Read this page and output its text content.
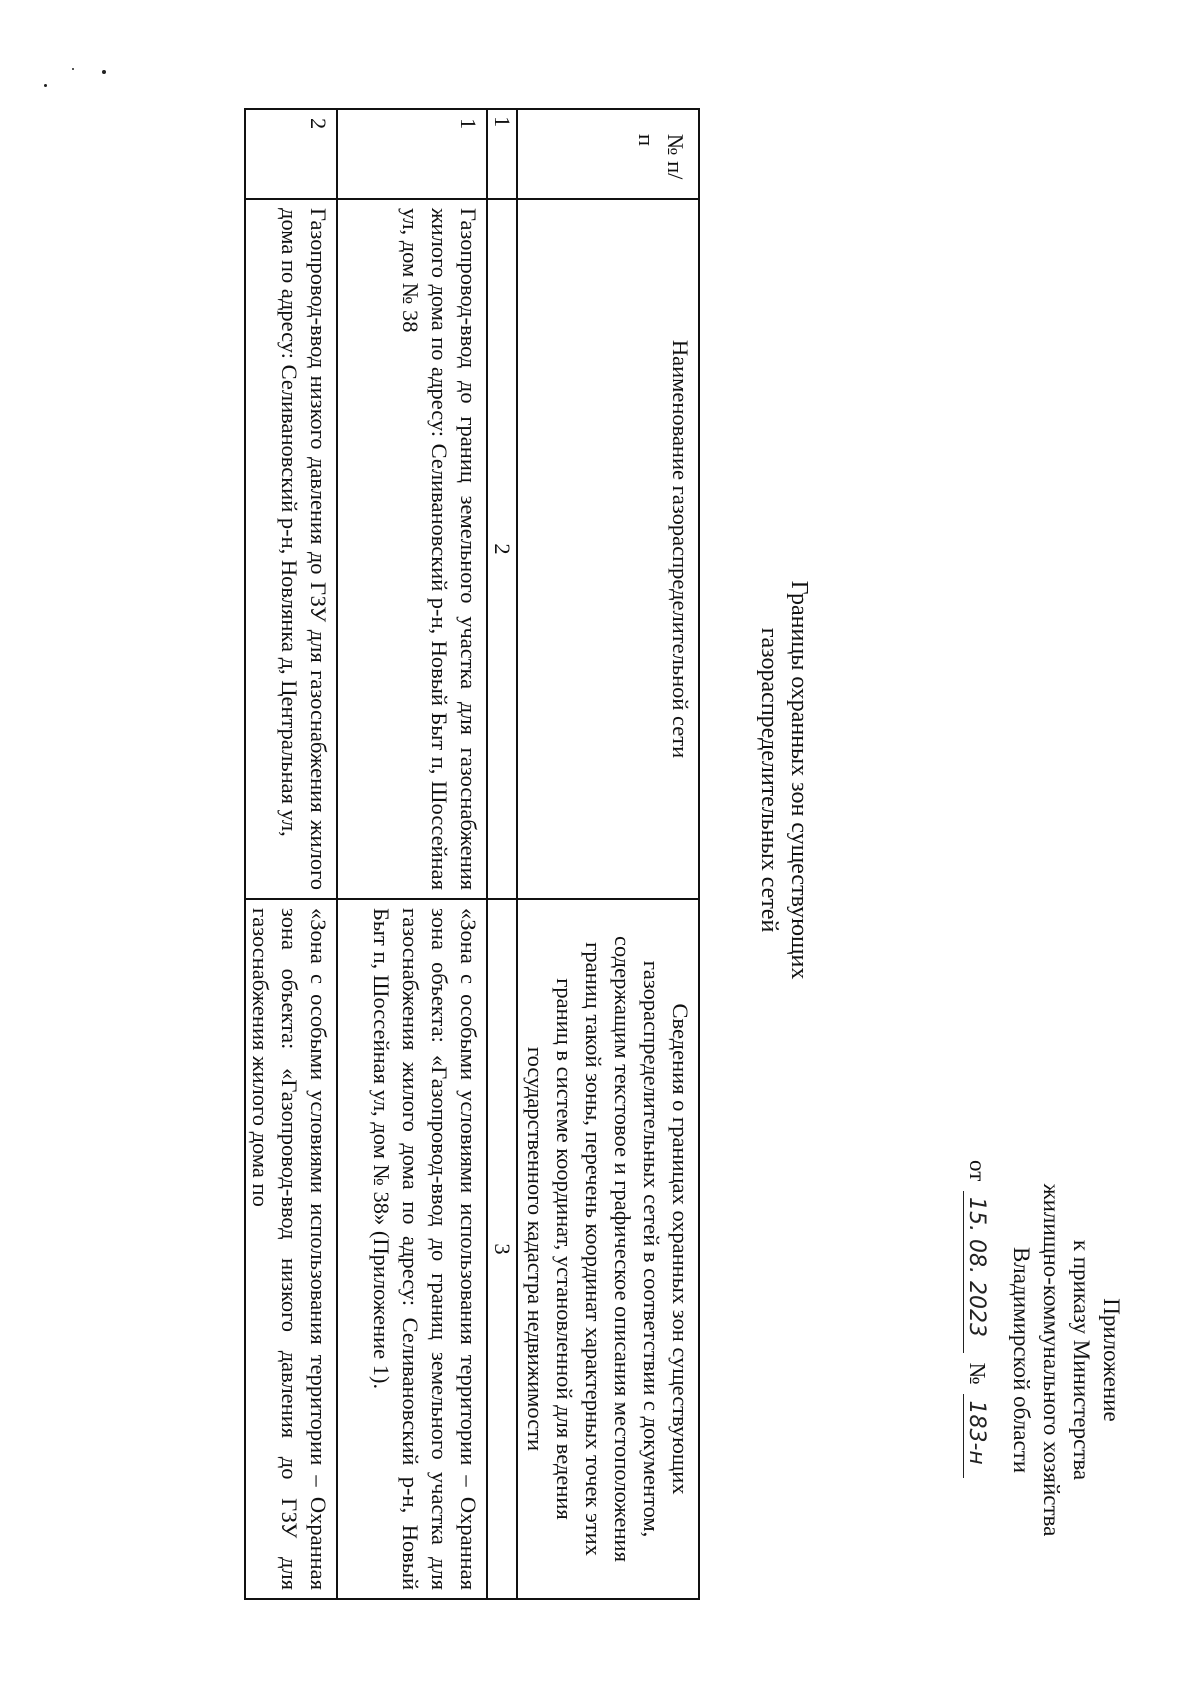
Приложение
к приказу Министерства
жилищно-коммунального хозяйства
Владимирской области
от 15. 08. 2023 № 183-н
Границы охранных зон существующих
газораспределительных сетей
№ п/п	Наименование газораспределительной сети	Сведения о границах охранных зон существующих газораспределительных сетей в соответствии с документом, содержащим текстовое и графическое описания местоположения границ такой зоны, перечень координат характерных точек этих границ в системе координат, установленной для ведения государственного кадастра недвижимости
1	2	3
1	Газопровод-ввод до границ земельного участка для газоснабжения жилого дома по адресу: Селивановский р-н, Новый Быт п, Шоссейная ул, дом № 38	«Зона с особыми условиями использования территории – Охранная зона объекта: «Газопровод-ввод до границ земельного участка для газоснабжения жилого дома по адресу: Селивановский р-н, Новый Быт п, Шоссейная ул, дом № 38» (Приложение 1).
2	Газопровод-ввод низкого давления до ГЗУ для газоснабжения жилого дома по адресу: Селивановский р-н, Новлянка д, Центральная ул,	«Зона с особыми условиями использования территории – Охранная зона объекта: «Газопровод-ввод низкого давления до ГЗУ для газоснабжения жилого дома по
